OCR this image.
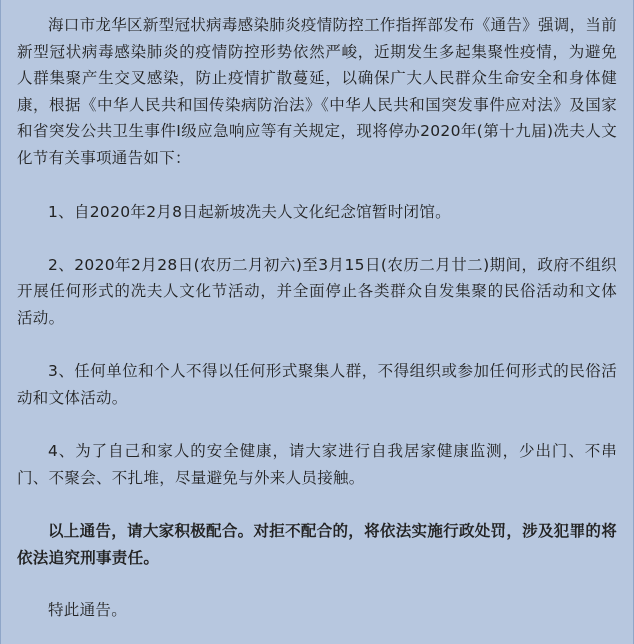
海口市龙华区新型冠状病毒感染肺炎疫情防控工作指挥部发布《通告》强调，当前新型冠状病毒感染肺炎的疫情防控形势依然严峻，近期发生多起集聚性疫情，为避免人群集聚产生交叉感染，防止疫情扩散蔓延，以确保广大人民群众生命安全和身体健康，根据《中华人民共和国传染病防治法》《中华人民共和国突发事件应对法》及国家和省突发公共卫生事件I级应急响应等有关规定，现将停办2020年(第十九届)冼夫人文化节有关事项通告如下：

1、自2020年2月8日起新坡冼夫人文化纪念馆暂时闭馆。

2、2020年2月28日(农历二月初六)至3月15日(农历二月廿二)期间，政府不组织开展任何形式的冼夫人文化节活动，并全面停止各类群众自发集聚的民俗活动和文体活动。

3、任何单位和个人不得以任何形式聚集人群，不得组织或参加任何形式的民俗活动和文体活动。

4、为了自己和家人的安全健康，请大家进行自我居家健康监测，少出门、不串门、不聚会、不扎堆，尽量避免与外来人员接触。

以上通告，请大家积极配合。对拒不配合的，将依法实施行政处罚，涉及犯罪的将依法追究刑事责任。

特此通告。
